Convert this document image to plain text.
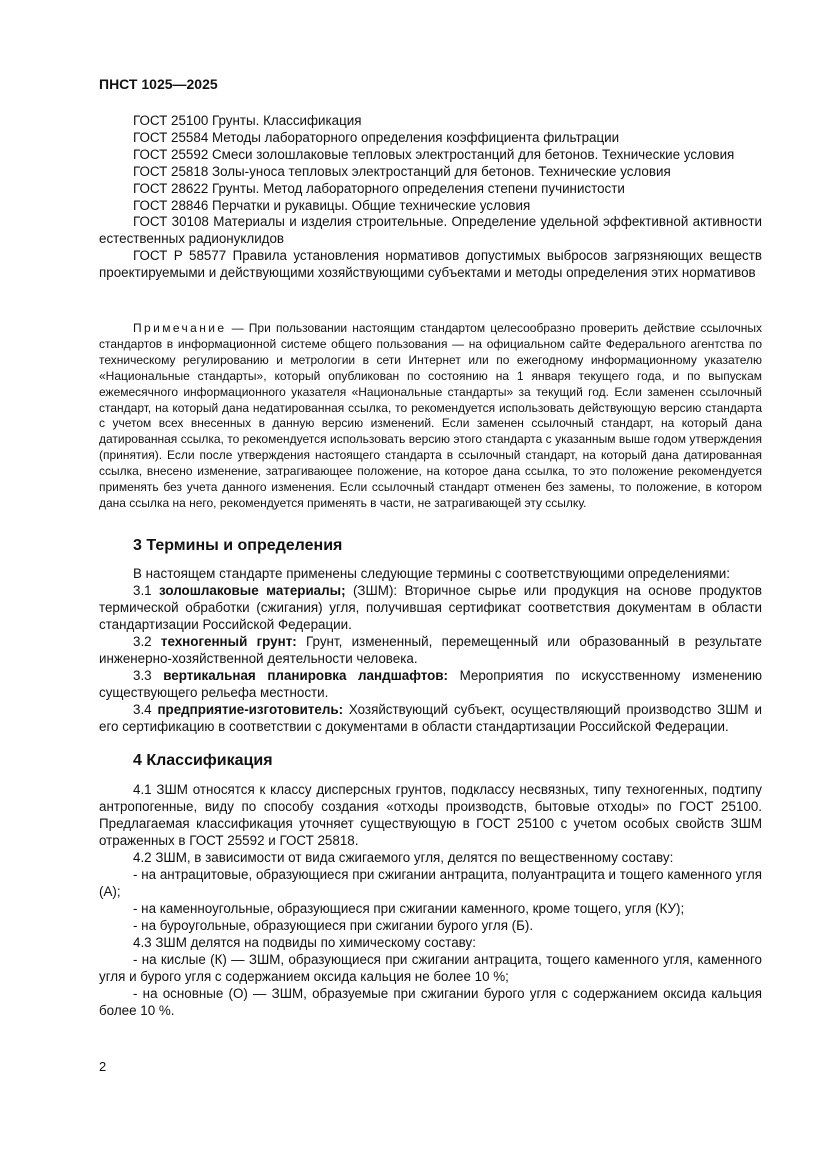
ПНСТ 1025—2025
ГОСТ 25100 Грунты. Классификация
ГОСТ 25584 Методы лабораторного определения коэффициента фильтрации
ГОСТ 25592 Смеси золошлаковые тепловых электростанций для бетонов. Технические условия
ГОСТ 25818 Золы-уноса тепловых электростанций для бетонов. Технические условия
ГОСТ 28622 Грунты. Метод лабораторного определения степени пучинистости
ГОСТ 28846 Перчатки и рукавицы. Общие технические условия
ГОСТ 30108 Материалы и изделия строительные. Определение удельной эффективной активности естественных радионуклидов
ГОСТ Р 58577 Правила установления нормативов допустимых выбросов загрязняющих веществ проектируемыми и действующими хозяйствующими субъектами и методы определения этих нормативов
Примечание — При пользовании настоящим стандартом целесообразно проверить действие ссылочных стандартов в информационной системе общего пользования — на официальном сайте Федерального агентства по техническому регулированию и метрологии в сети Интернет или по ежегодному информационному указателю «Национальные стандарты», который опубликован по состоянию на 1 января текущего года, и по выпускам ежемесячного информационного указателя «Национальные стандарты» за текущий год. Если заменен ссылочный стандарт, на который дана недатированная ссылка, то рекомендуется использовать действующую версию стандарта с учетом всех внесенных в данную версию изменений. Если заменен ссылочный стандарт, на который дана датированная ссылка, то рекомендуется использовать версию этого стандарта с указанным выше годом утверждения (принятия). Если после утверждения настоящего стандарта в ссылочный стандарт, на который дана датированная ссылка, внесено изменение, затрагивающее положение, на которое дана ссылка, то это положение рекомендуется применять без учета данного изменения. Если ссылочный стандарт отменен без замены, то положение, в котором дана ссылка на него, рекомендуется применять в части, не затрагивающей эту ссылку.
3 Термины и определения
В настоящем стандарте применены следующие термины с соответствующими определениями:
3.1 золошлаковые материалы; (ЗШМ): Вторичное сырье или продукция на основе продуктов термической обработки (сжигания) угля, получившая сертификат соответствия документам в области стандартизации Российской Федерации.
3.2 техногенный грунт: Грунт, измененный, перемещенный или образованный в результате инженерно-хозяйственной деятельности человека.
3.3 вертикальная планировка ландшафтов: Мероприятия по искусственному изменению существующего рельефа местности.
3.4 предприятие-изготовитель: Хозяйствующий субъект, осуществляющий производство ЗШМ и его сертификацию в соответствии с документами в области стандартизации Российской Федерации.
4 Классификация
4.1 ЗШМ относятся к классу дисперсных грунтов, подклассу несвязных, типу техногенных, подтипу антропогенные, виду по способу создания «отходы производств, бытовые отходы» по ГОСТ 25100. Предлагаемая классификация уточняет существующую в ГОСТ 25100 с учетом особых свойств ЗШМ отраженных в ГОСТ 25592 и ГОСТ 25818.
4.2 ЗШМ, в зависимости от вида сжигаемого угля, делятся по вещественному составу:
- на антрацитовые, образующиеся при сжигании антрацита, полуантрацита и тощего каменного угля (А);
- на каменноугольные, образующиеся при сжигании каменного, кроме тощего, угля (КУ);
- на буроугольные, образующиеся при сжигании бурого угля (Б).
4.3 ЗШМ делятся на подвиды по химическому составу:
- на кислые (К) — ЗШМ, образующиеся при сжигании антрацита, тощего каменного угля, каменного угля и бурого угля с содержанием оксида кальция не более 10 %;
- на основные (О) — ЗШМ, образуемые при сжигании бурого угля с содержанием оксида кальция более 10 %.
2
